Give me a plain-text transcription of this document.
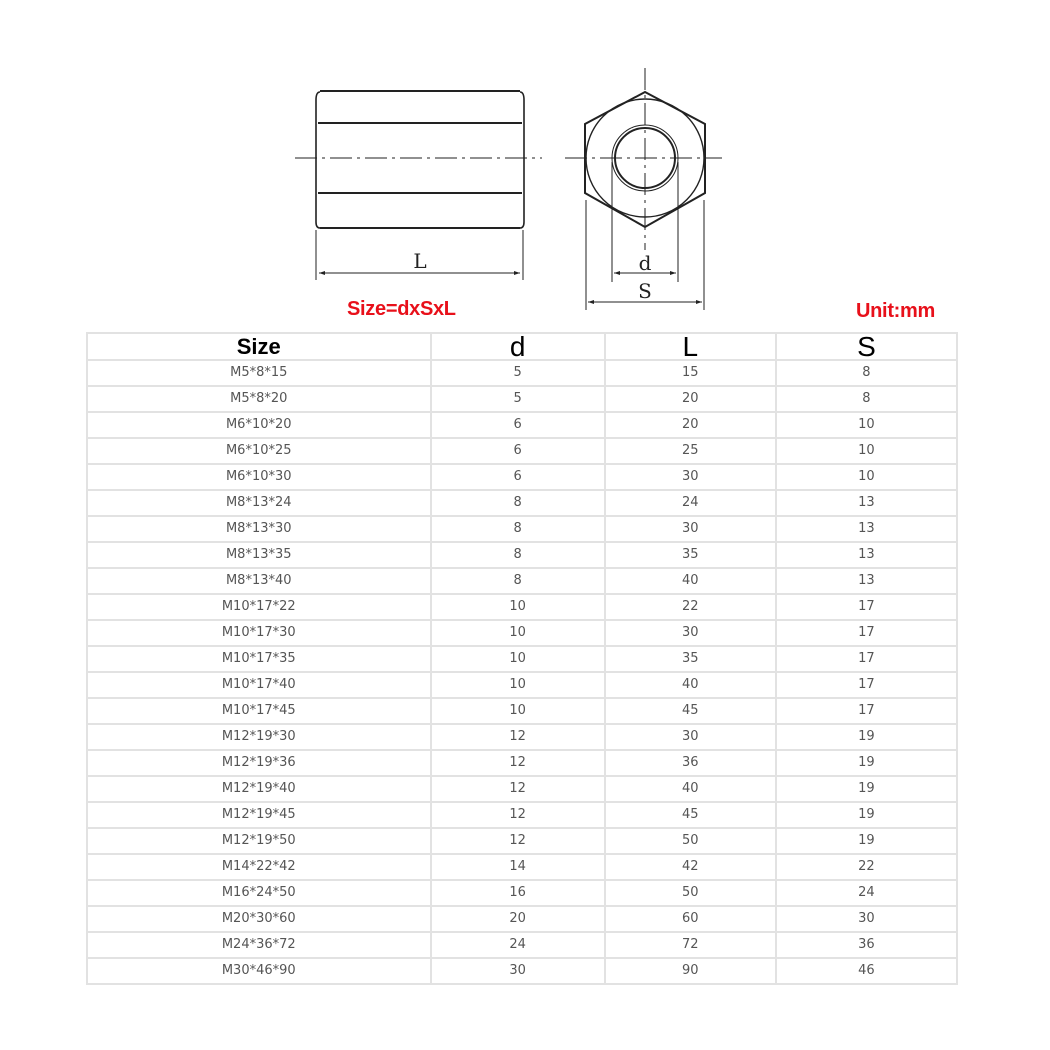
L	d
S
Size=dxSxL	Unit:mm
Size	d	L	S
M5*8*15	5	15	8
M5*8*20	5	20	8
M6*10*20	6	20	10
M6*10*25	6	25	10
M6*10*30	6	30	10
M8*13*24	8	24	13
M8*13*30	8	30	13
M8*13*35	8	35	13
M8*13*40	8	40	13
M10*17*22	10	22	17
M10*17*30	10	30	17
M10*17*35	10	35	17
M10*17*40	10	40	17
M10*17*45	10	45	17
M12*19*30	12	30	19
M12*19*36	12	36	19
M12*19*40	12	40	19
M12*19*45	12	45	19
M12*19*50	12	50	19
M14*22*42	14	42	22
M16*24*50	16	50	24
M20*30*60	20	60	30
M24*36*72	24	72	36
M30*46*90	30	90	46
